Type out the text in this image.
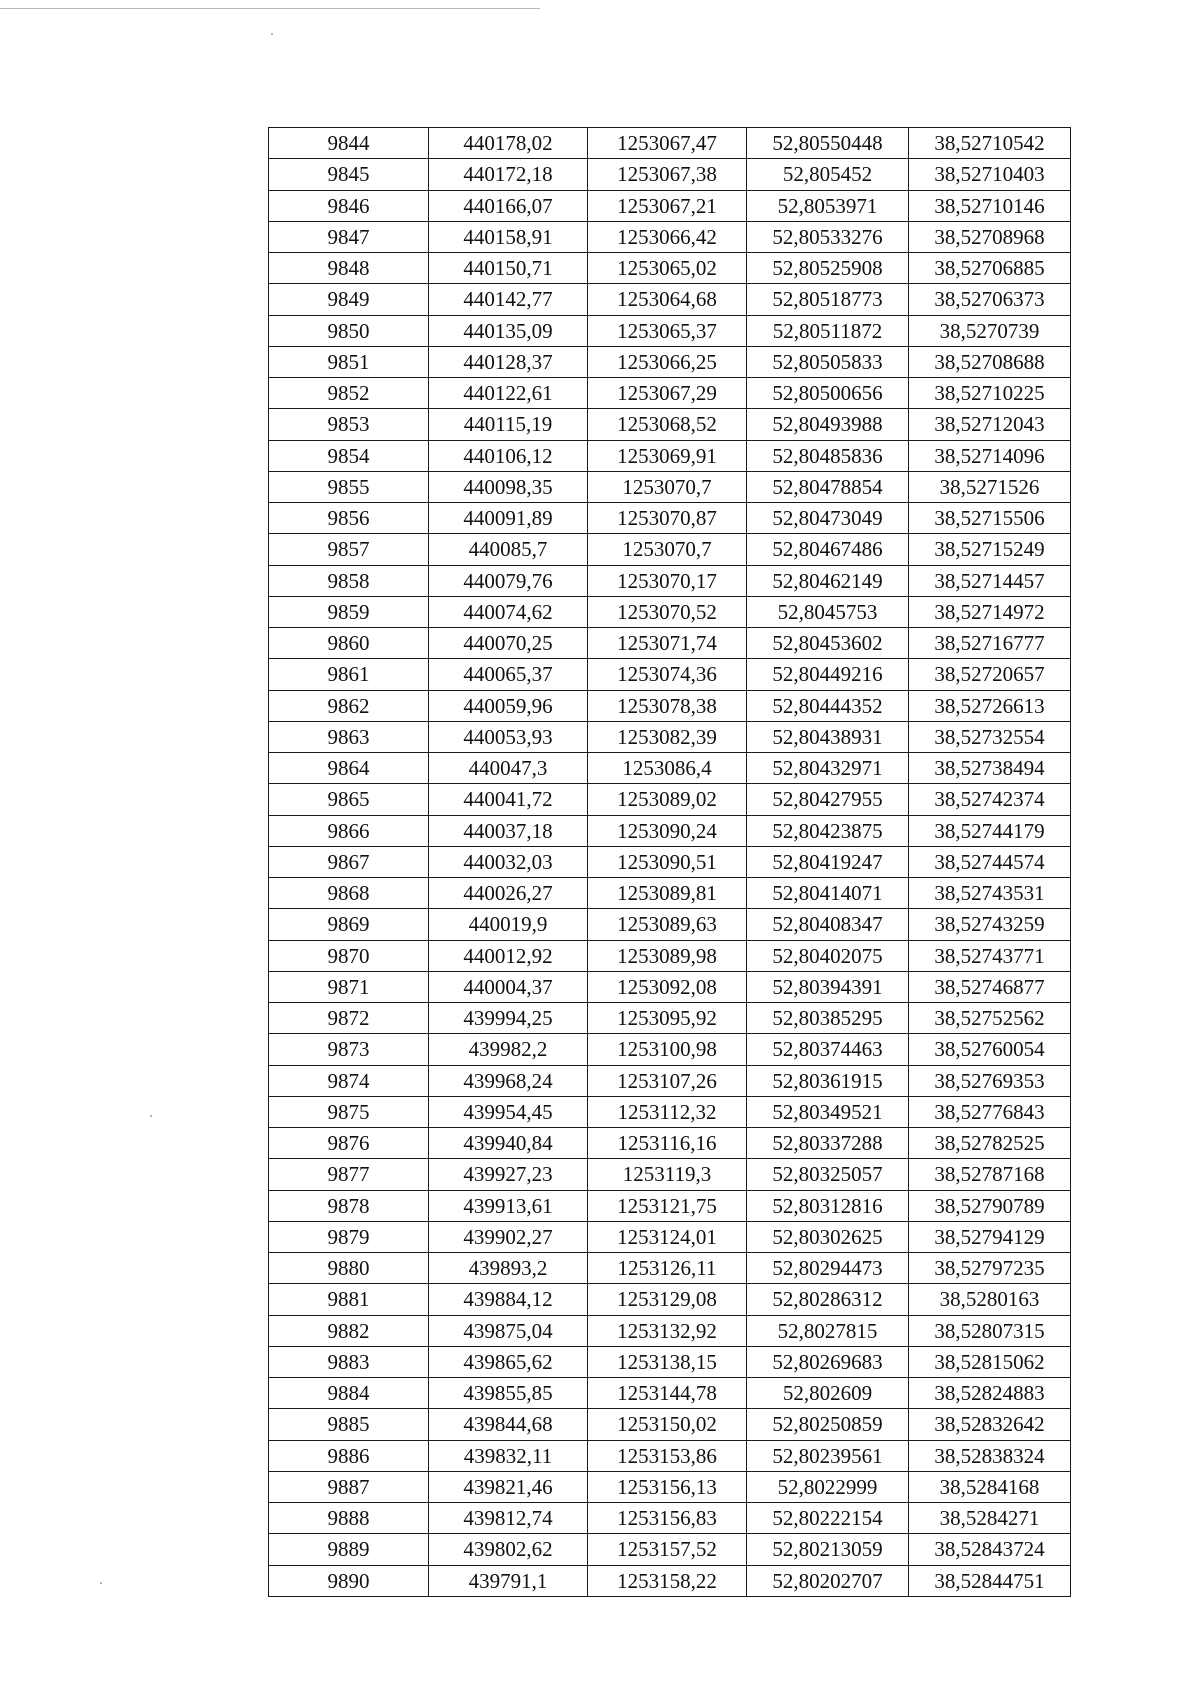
9844	440178,02	1253067,47	52,80550448	38,52710542
9845	440172,18	1253067,38	52,805452	38,52710403
9846	440166,07	1253067,21	52,8053971	38,52710146
9847	440158,91	1253066,42	52,80533276	38,52708968
9848	440150,71	1253065,02	52,80525908	38,52706885
9849	440142,77	1253064,68	52,80518773	38,52706373
9850	440135,09	1253065,37	52,80511872	38,5270739
9851	440128,37	1253066,25	52,80505833	38,52708688
9852	440122,61	1253067,29	52,80500656	38,52710225
9853	440115,19	1253068,52	52,80493988	38,52712043
9854	440106,12	1253069,91	52,80485836	38,52714096
9855	440098,35	1253070,7	52,80478854	38,5271526
9856	440091,89	1253070,87	52,80473049	38,52715506
9857	440085,7	1253070,7	52,80467486	38,52715249
9858	440079,76	1253070,17	52,80462149	38,52714457
9859	440074,62	1253070,52	52,8045753	38,52714972
9860	440070,25	1253071,74	52,80453602	38,52716777
9861	440065,37	1253074,36	52,80449216	38,52720657
9862	440059,96	1253078,38	52,80444352	38,52726613
9863	440053,93	1253082,39	52,80438931	38,52732554
9864	440047,3	1253086,4	52,80432971	38,52738494
9865	440041,72	1253089,02	52,80427955	38,52742374
9866	440037,18	1253090,24	52,80423875	38,52744179
9867	440032,03	1253090,51	52,80419247	38,52744574
9868	440026,27	1253089,81	52,80414071	38,52743531
9869	440019,9	1253089,63	52,80408347	38,52743259
9870	440012,92	1253089,98	52,80402075	38,52743771
9871	440004,37	1253092,08	52,80394391	38,52746877
9872	439994,25	1253095,92	52,80385295	38,52752562
9873	439982,2	1253100,98	52,80374463	38,52760054
9874	439968,24	1253107,26	52,80361915	38,52769353
9875	439954,45	1253112,32	52,80349521	38,52776843
9876	439940,84	1253116,16	52,80337288	38,52782525
9877	439927,23	1253119,3	52,80325057	38,52787168
9878	439913,61	1253121,75	52,80312816	38,52790789
9879	439902,27	1253124,01	52,80302625	38,52794129
9880	439893,2	1253126,11	52,80294473	38,52797235
9881	439884,12	1253129,08	52,80286312	38,5280163
9882	439875,04	1253132,92	52,8027815	38,52807315
9883	439865,62	1253138,15	52,80269683	38,52815062
9884	439855,85	1253144,78	52,802609	38,52824883
9885	439844,68	1253150,02	52,80250859	38,52832642
9886	439832,11	1253153,86	52,80239561	38,52838324
9887	439821,46	1253156,13	52,8022999	38,5284168
9888	439812,74	1253156,83	52,80222154	38,5284271
9889	439802,62	1253157,52	52,80213059	38,52843724
9890	439791,1	1253158,22	52,80202707	38,52844751
